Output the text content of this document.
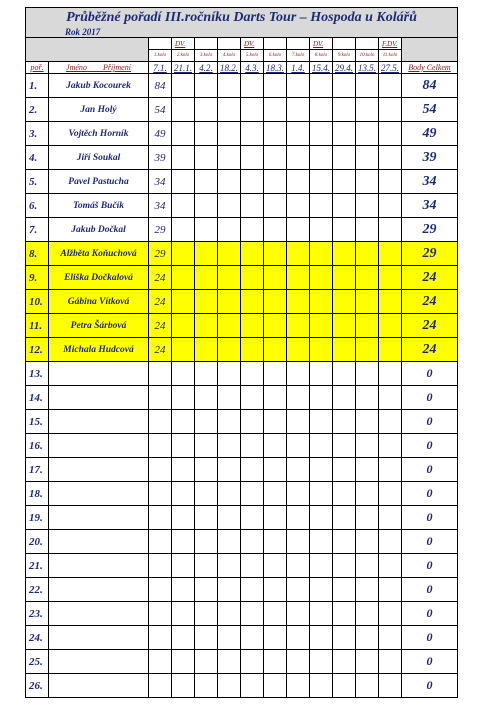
Průběžné pořadí III.ročníku Darts Tour – Hospoda u Kolářů													
			DV.			DV.			DV.			F.DV.	
		1.kolo	2.kolo	3.kolo	4.kolo	5.kolo	6.kolo	7.kolo	8.kolo	9.kolo	10.kolo	11.kolo	
poř.	Jméno Příjmení	7.1.	21.1.	4.2.	18.2.	4.3.	18.3.	1.4.	15.4.	29.4.	13.5.	27.5.	Body Celkem
1.	Jakub Kocourek	84											84
2.	Jan Holý	54											54
3.	Vojtěch Horník	49											49
4.	Jiří Soukal	39											39
5.	Pavel Pastucha	34											34
6.	Tomáš Bučík	34											34
7.	Jakub Dočkal	29											29
8.	Alžběta Koňuchová	29											29
9.	Eliška Dočkalová	24											24
10.	Gábina Vítková	24											24
11.	Petra Šárbová	24											24
12.	Michala Hudcová	24											24
13.													0
14.													0
15.													0
16.													0
17.													0
18.													0
19.													0
20.													0
21.													0
22.													0
23.													0
24.													0
25.													0
26.													0
Rok 2017
